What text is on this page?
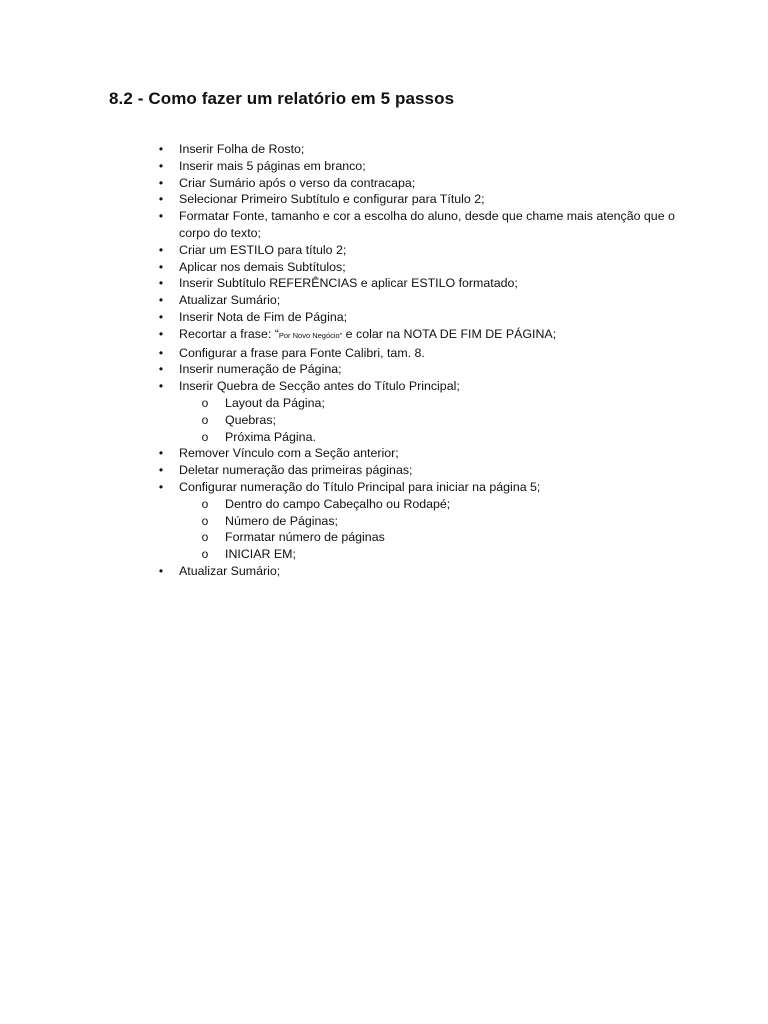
8.2 - Como fazer um relatório em 5 passos
• Inserir Folha de Rosto;
• Inserir mais 5 páginas em branco;
• Criar Sumário após o verso da contracapa;
• Selecionar Primeiro Subtítulo e configurar para Título 2;
• Formatar Fonte, tamanho e cor a escolha do aluno, desde que chame mais atenção que o corpo do texto;
• Criar um ESTILO para título 2;
• Aplicar nos demais Subtítulos;
• Inserir Subtítulo REFERÊNCIAS e aplicar ESTILO formatado;
• Atualizar Sumário;
• Inserir Nota de Fim de Página;
• Recortar a frase: “Por Novo Negócio” e colar na NOTA DE FIM DE PÁGINA;
• Configurar a frase para Fonte Calibri, tam. 8.
• Inserir numeração de Página;
• Inserir Quebra de Secção antes do Título Principal;
o Layout da Página;
o Quebras;
o Próxima Página.
• Remover Vínculo com a Seção anterior;
• Deletar numeração das primeiras páginas;
• Configurar numeração do Título Principal para iniciar na página 5;
o Dentro do campo Cabeçalho ou Rodapé;
o Número de Páginas;
o Formatar número de páginas
o INICIAR EM;
• Atualizar Sumário;
